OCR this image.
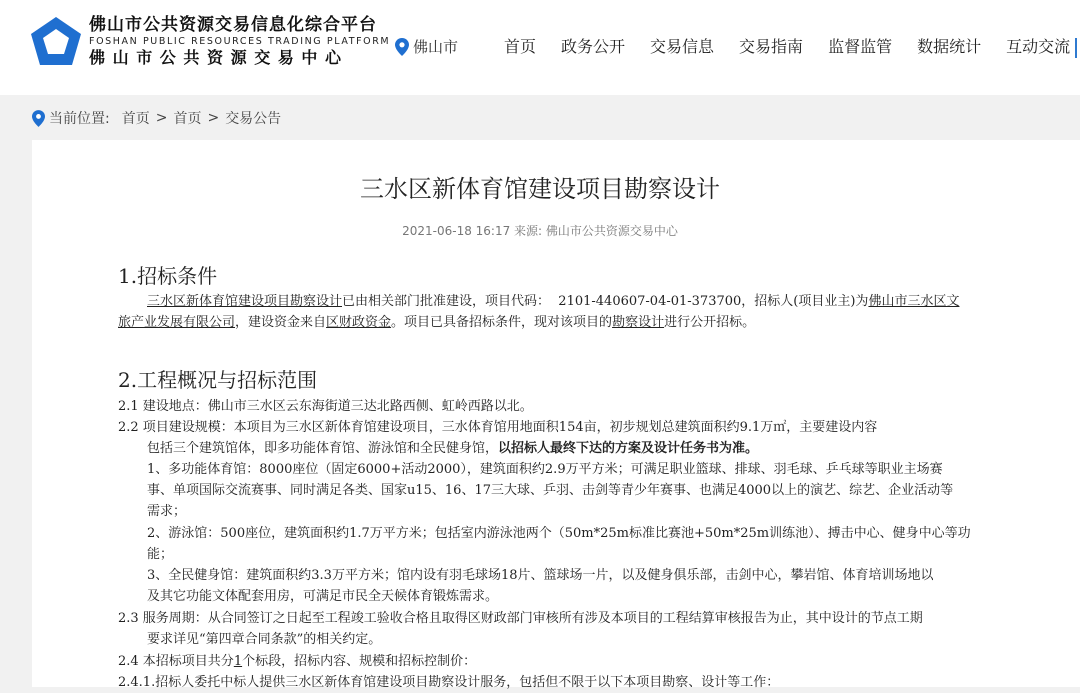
佛山市公共资源交易信息化综合平台
FOSHAN PUBLIC RESOURCES TRADING PLATFORM
佛山市公共资源交易中心
佛山市	首页 政务公开 交易信息 交易指南 监督监管 数据统计 互动交流
当前位置: 首页 > 首页 > 交易公告
三水区新体育馆建设项目勘察设计
2021-06-18 16:17 来源: 佛山市公共资源交易中心
1.招标条件
三水区新体育馆建设项目勘察设计已由相关部门批准建设，项目代码： 2101-440607-04-01-373700，招标人(项目业主)为佛山市三水区文
旅产业发展有限公司，建设资金来自区财政资金。项目已具备招标条件，现对该项目的勘察设计进行公开招标。
2.工程概况与招标范围
2.1 建设地点：佛山市三水区云东海街道三达北路西侧、虹岭西路以北。
2.2 项目建设规模：本项目为三水区新体育馆建设项目，三水体育馆用地面积154亩，初步规划总建筑面积约9.1万㎡，主要建设内容
包括三个建筑馆体，即多功能体育馆、游泳馆和全民健身馆，以招标人最终下达的方案及设计任务书为准。
1、多功能体育馆：8000座位（固定6000+活动2000），建筑面积约2.9万平方米；可满足职业篮球、排球、羽毛球、乒乓球等职业主场赛
事、单项国际交流赛事、同时满足各类、国家u15、16、17三大球、乒羽、击剑等青少年赛事、也满足4000以上的演艺、综艺、企业活动等
需求；
2、游泳馆：500座位，建筑面积约1.7万平方米；包括室内游泳池两个（50m*25m标准比赛池+50m*25m训练池）、搏击中心、健身中心等功
能；
3、全民健身馆：建筑面积约3.3万平方米；馆内设有羽毛球场18片、篮球场一片，以及健身俱乐部，击剑中心，攀岩馆、体育培训场地以
及其它功能文体配套用房，可满足市民全天候体育锻炼需求。
2.3 服务周期：从合同签订之日起至工程竣工验收合格且取得区财政部门审核所有涉及本项目的工程结算审核报告为止，其中设计的节点工期
要求详见“第四章合同条款”的相关约定。
2.4 本招标项目共分1个标段，招标内容、规模和招标控制价：
2.4.1.招标人委托中标人提供三水区新体育馆建设项目勘察设计服务，包括但不限于以下本项目勘察、设计等工作：
